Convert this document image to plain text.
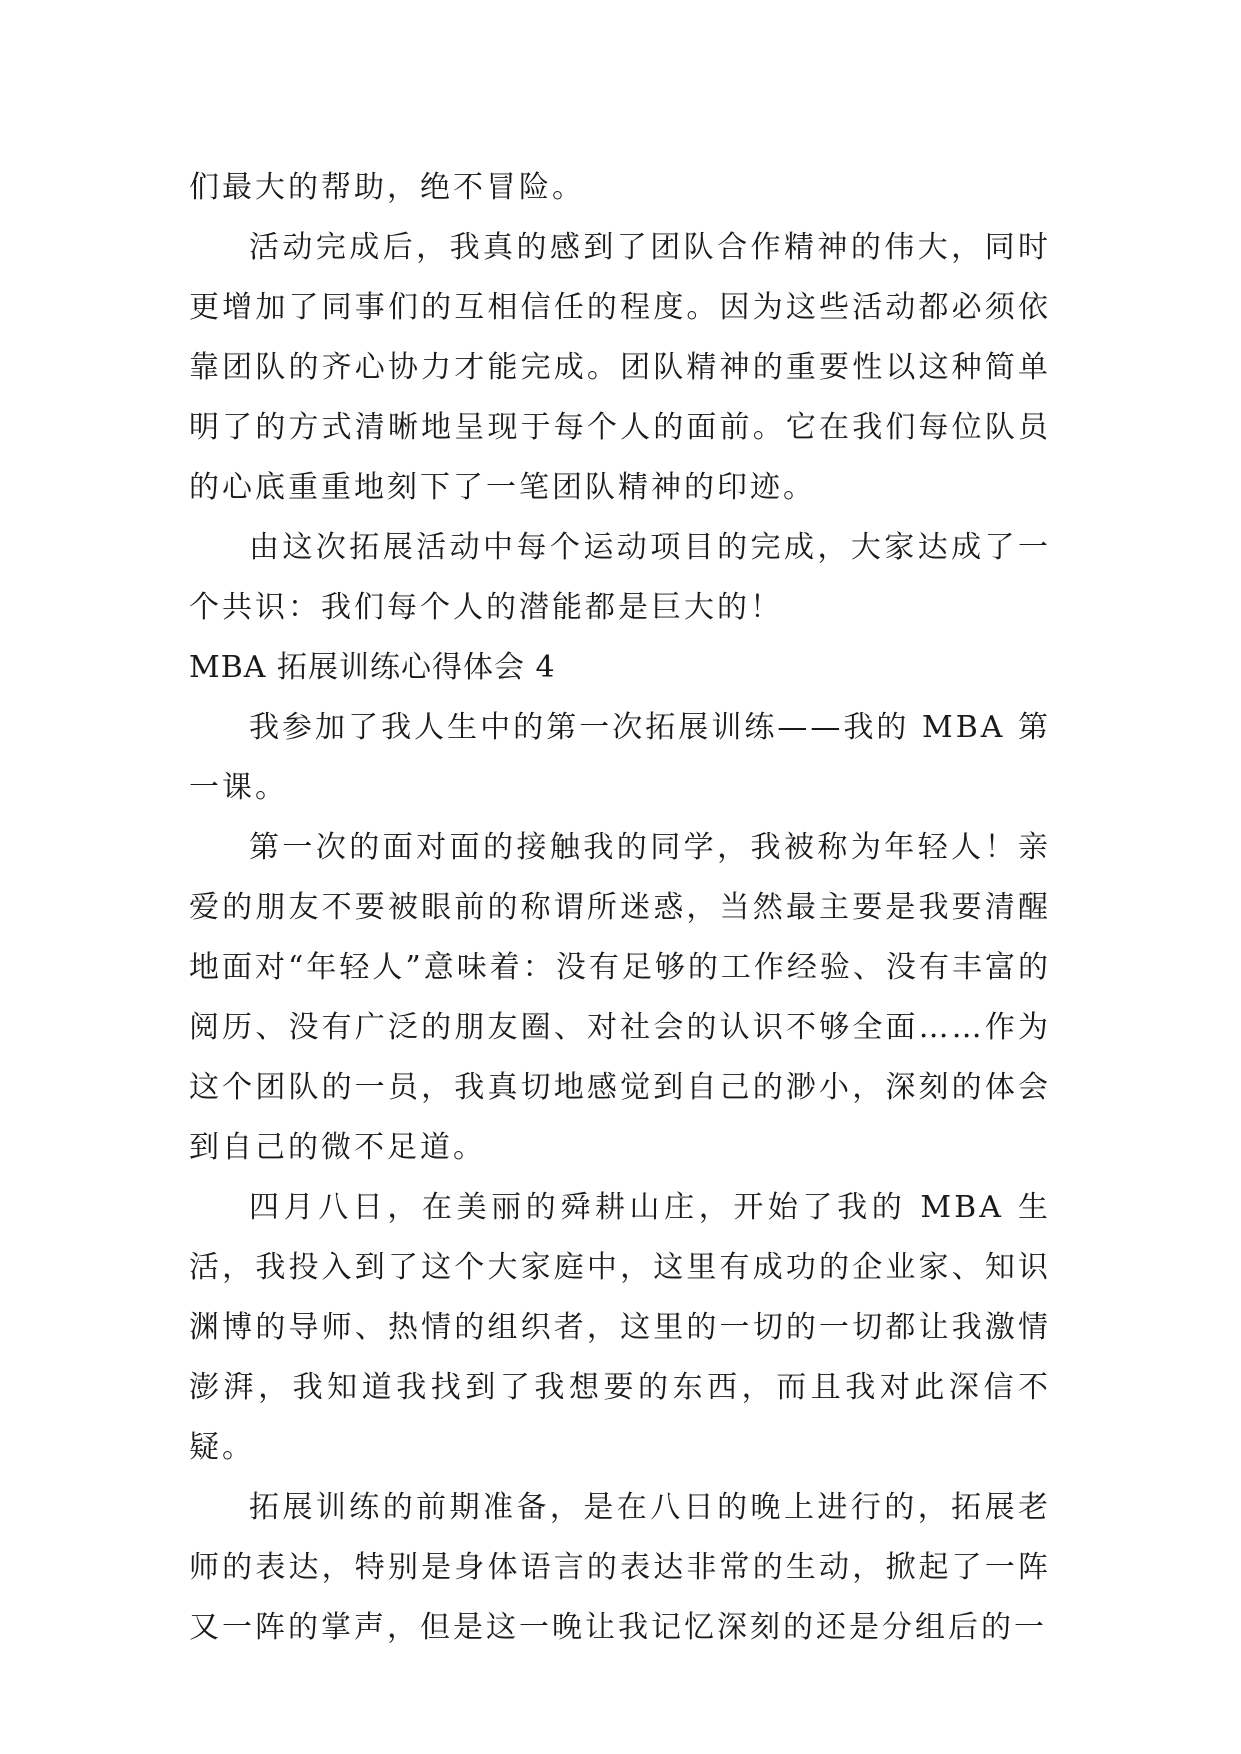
们最大的帮助，绝不冒险。

活动完成后，我真的感到了团队合作精神的伟大，同时更增加了同事们的互相信任的程度。因为这些活动都必须依靠团队的齐心协力才能完成。团队精神的重要性以这种简单明了的方式清晰地呈现于每个人的面前。它在我们每位队员的心底重重地刻下了一笔团队精神的印迹。

由这次拓展活动中每个运动项目的完成，大家达成了一个共识：我们每个人的潜能都是巨大的！

MBA 拓展训练心得体会 4

我参加了我人生中的第一次拓展训练——我的 MBA 第一课。

第一次的面对面的接触我的同学，我被称为年轻人！亲爱的朋友不要被眼前的称谓所迷惑，当然最主要是我要清醒地面对“年轻人”意味着：没有足够的工作经验、没有丰富的阅历、没有广泛的朋友圈、对社会的认识不够全面……作为这个团队的一员，我真切地感觉到自己的渺小，深刻的体会到自己的微不足道。

四月八日，在美丽的舜耕山庄，开始了我的 MBA 生活，我投入到了这个大家庭中，这里有成功的企业家、知识渊博的导师、热情的组织者，这里的一切的一切都让我激情澎湃，我知道我找到了我想要的东西，而且我对此深信不疑。

拓展训练的前期准备，是在八日的晚上进行的，拓展老师的表达，特别是身体语言的表达非常的生动，掀起了一阵又一阵的掌声，但是这一晚让我记忆深刻的还是分组后的一
